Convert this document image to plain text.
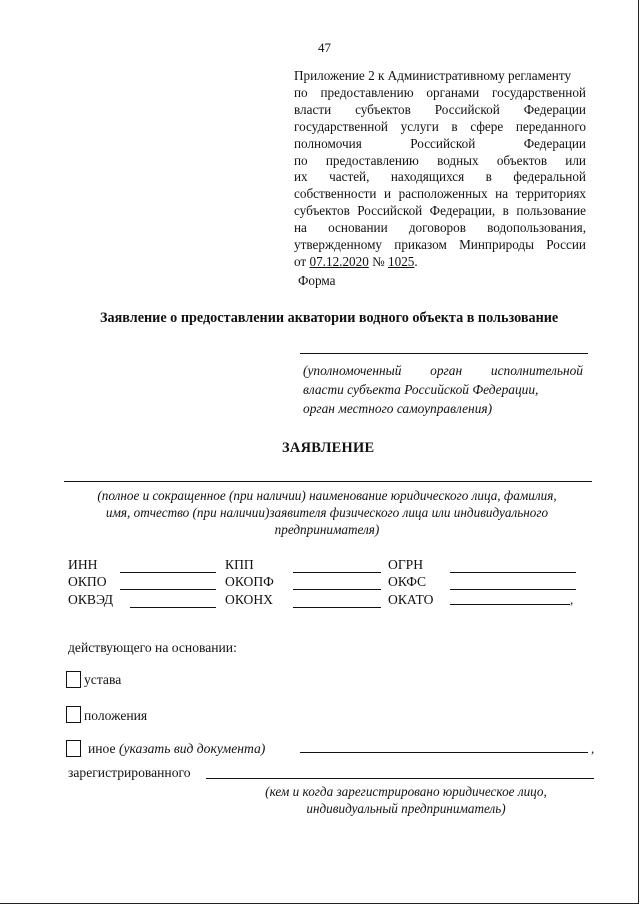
47
Приложение 2 к Административному регламенту
по предоставлению органами государственной
власти субъектов Российской Федерации
государственной услуги в сфере переданного
полномочия Российской Федерации
по предоставлению водных объектов или
их частей, находящихся в федеральной
собственности и расположенных на территориях
субъектов Российской Федерации, в пользование
на основании договоров водопользования,
утвержденному приказом Минприроды России
от 07.12.2020 № 1025.
Форма
Заявление о предоставлении акватории водного объекта в пользование
(уполномоченный орган исполнительной
власти субъекта Российской Федерации,
орган местного самоуправления)
ЗАЯВЛЕНИЕ
(полное и сокращенное (при наличии) наименование юридического лица, фамилия,
имя, отчество (при наличии)заявителя физического лица или индивидуального
предпринимателя)
ИНН	КПП	ОГРН
ОКПО	ОКОПФ	ОКФС
ОКВЭД	ОКОНХ	ОКАТО	,
действующего на основании:
устава
положения
иное (указать вид документа)	,
зарегистрированного
(кем и когда зарегистрировано юридическое лицо,
индивидуальный предприниматель)
